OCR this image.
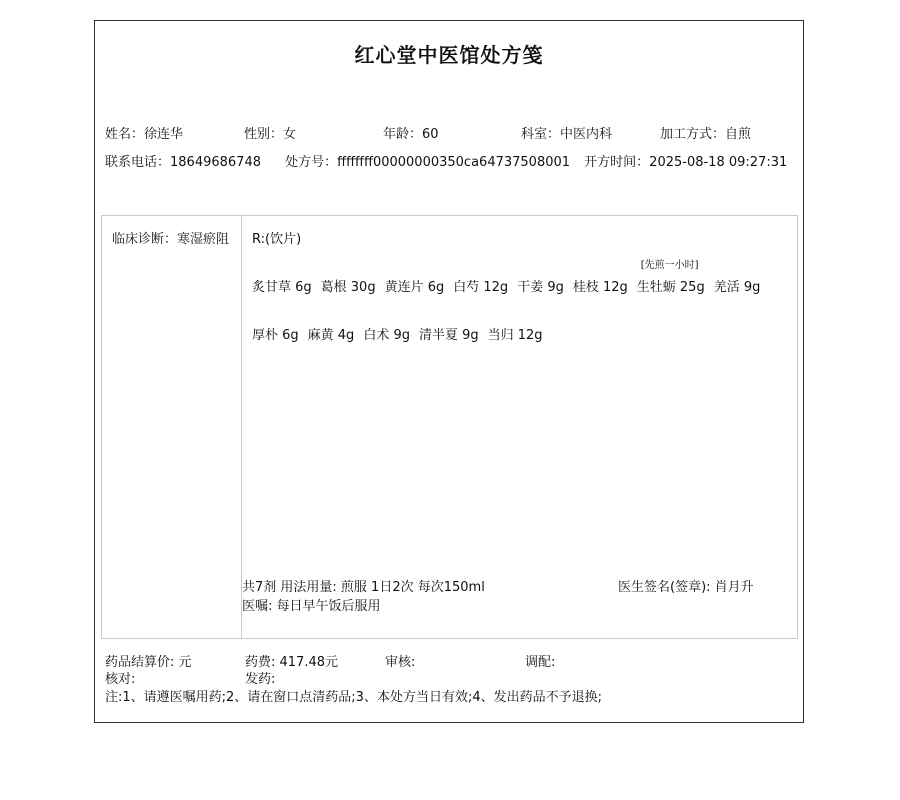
红心堂中医馆处方笺
姓名：徐连华	性别：女	年龄：60	科室：中医内科	加工方式：自煎
联系电话：18649686748 处方号：ffffffff00000000350ca64737508001 开方时间：2025-08-18 09:27:31
临床诊断：寒湿瘀阻 R:(饮片)
炙甘草 6g 葛根 30g 黄连片 6g 白芍 12g 干姜 9g 桂枝 12g
[先煎一小时]
生牡蛎 25g 羌活 9g
厚朴 6g 麻黄 4g 白术 9g 清半夏 9g 当归 12g
共7剂 用法用量: 煎服 1日2次 每次150ml	医生签名(签章): 肖月升
医嘱: 每日早午饭后服用
药品结算价: 元	药费: 417.48元	审核:	调配:
核对:	发药:
注:1、请遵医嘱用药;2、请在窗口点清药品;3、本处方当日有效;4、发出药品不予退换;
